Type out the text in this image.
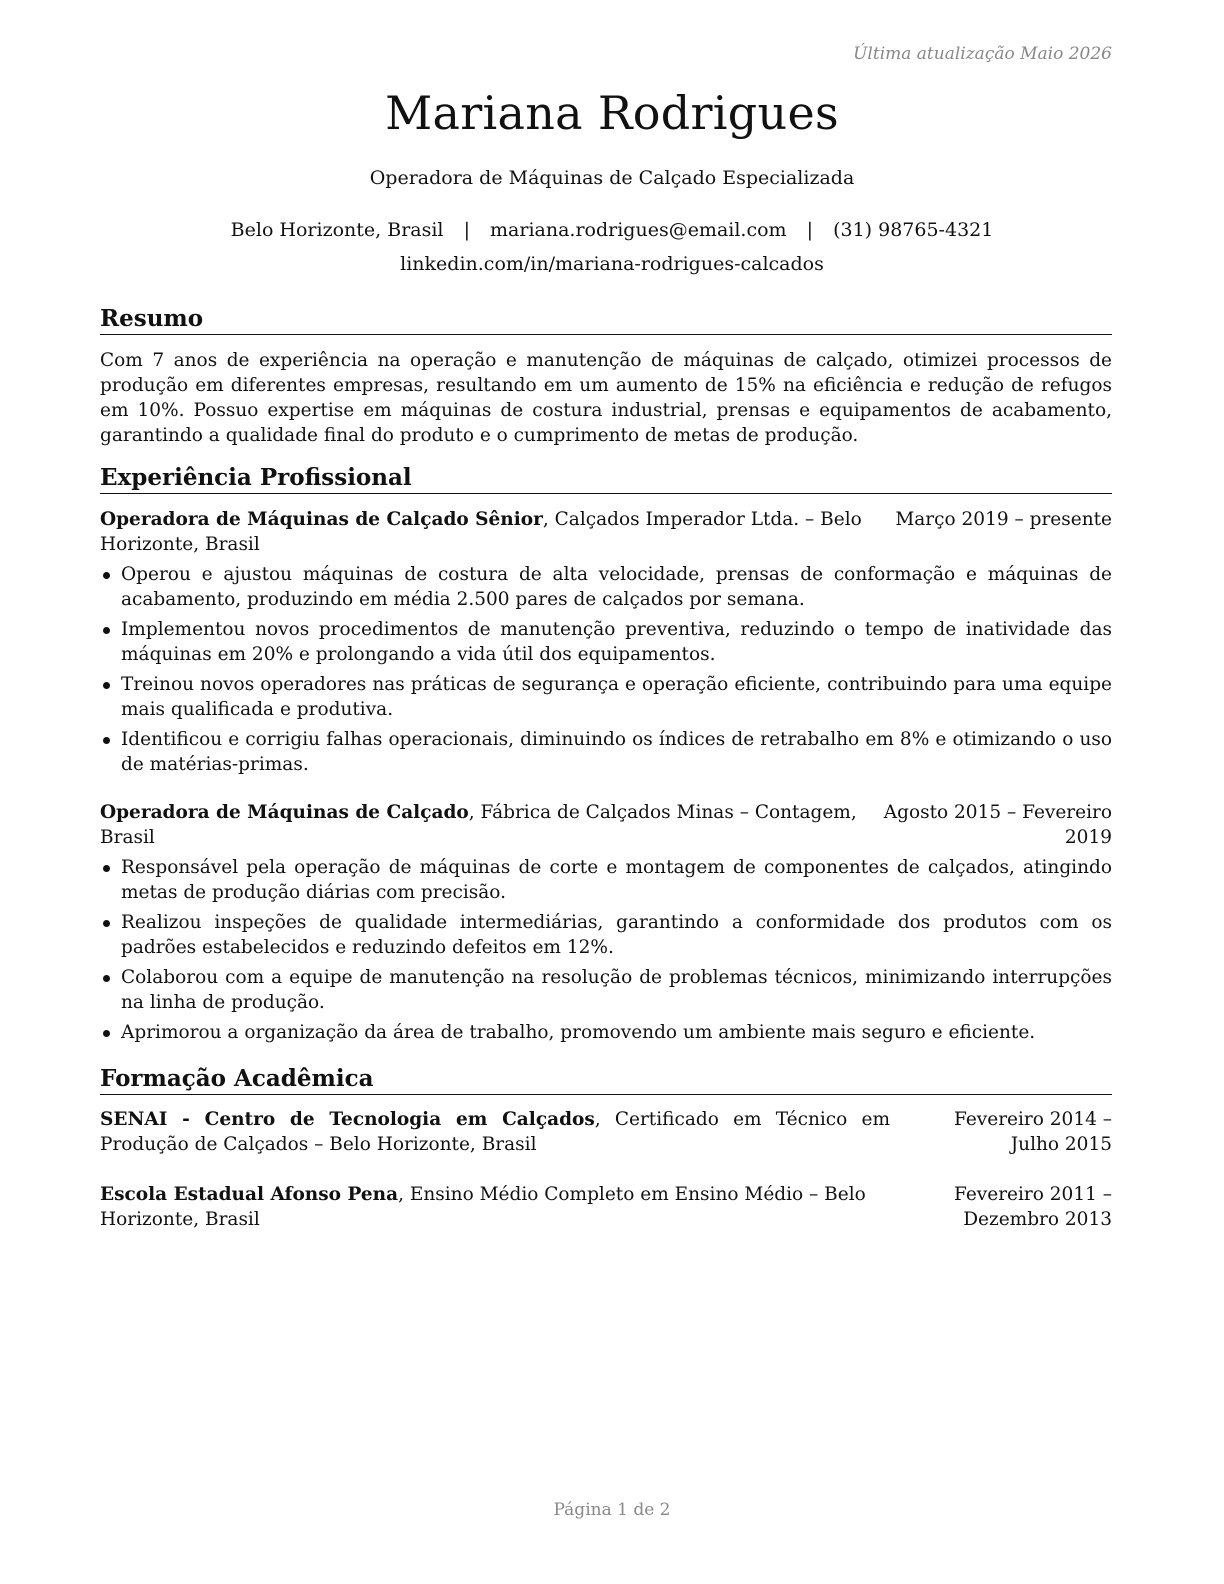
Última atualização Maio 2026
Mariana Rodrigues
Operadora de Máquinas de Calçado Especializada
Belo Horizonte, Brasil | mariana.rodrigues@email.com | (31) 98765-4321
linkedin.com/in/mariana-rodrigues-calcados
Resumo
Com 7 anos de experiência na operação e manutenção de máquinas de calçado, otimizei processos de produção em diferentes empresas, resultando em um aumento de 15% na eficiência e redução de refugos em 10%. Possuo expertise em máquinas de costura industrial, prensas e equipamentos de acabamento, garantindo a qualidade final do produto e o cumprimento de metas de produção.
Experiência Profissional
Operadora de Máquinas de Calçado Sênior, Calçados Imperador Ltda. – Belo Horizonte, Brasil
Março 2019 – presente
Operou e ajustou máquinas de costura de alta velocidade, prensas de conformação e máquinas de acabamento, produzindo em média 2.500 pares de calçados por semana.
Implementou novos procedimentos de manutenção preventiva, reduzindo o tempo de inatividade das máquinas em 20% e prolongando a vida útil dos equipamentos.
Treinou novos operadores nas práticas de segurança e operação eficiente, contribuindo para uma equipe mais qualificada e produtiva.
Identificou e corrigiu falhas operacionais, diminuindo os índices de retrabalho em 8% e otimizando o uso de matérias-primas.
Operadora de Máquinas de Calçado, Fábrica de Calçados Minas – Contagem, Brasil
Agosto 2015 – Fevereiro 2019
Responsável pela operação de máquinas de corte e montagem de componentes de calçados, atingindo metas de produção diárias com precisão.
Realizou inspeções de qualidade intermediárias, garantindo a conformidade dos produtos com os padrões estabelecidos e reduzindo defeitos em 12%.
Colaborou com a equipe de manutenção na resolução de problemas técnicos, minimizando interrupções na linha de produção.
Aprimorou a organização da área de trabalho, promovendo um ambiente mais seguro e eficiente.
Formação Acadêmica
SENAI - Centro de Tecnologia em Calçados, Certificado em Técnico em Produção de Calçados – Belo Horizonte, Brasil
Fevereiro 2014 – Julho 2015
Escola Estadual Afonso Pena, Ensino Médio Completo em Ensino Médio – Belo Horizonte, Brasil
Fevereiro 2011 – Dezembro 2013
Página 1 de 2
